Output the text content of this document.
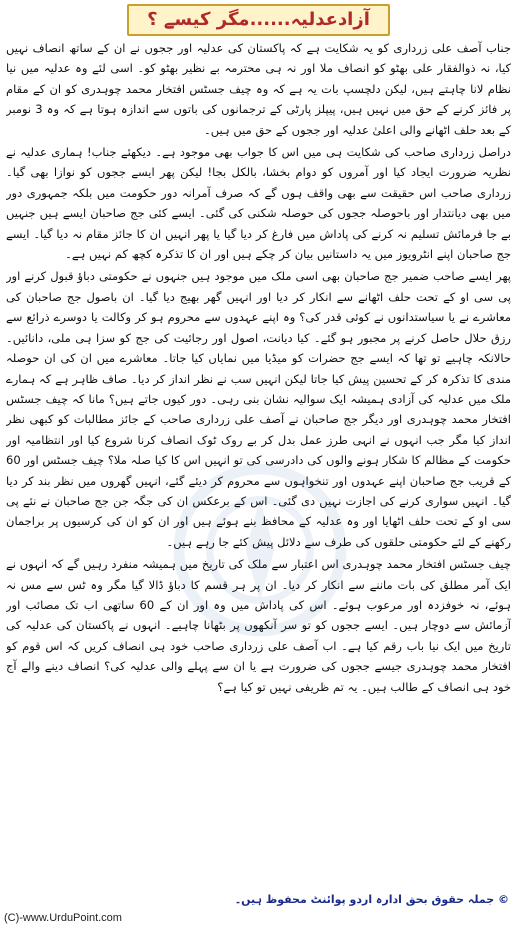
آزادعدلیہ......مگر کیسے ؟

جناب آصف علی زرداری کو یہ شکایت ہے کہ پاکستان کی عدلیہ اور ججوں نے ان کے ساتھ انصاف نہیں کیا، نہ ذوالفقار علی بھٹو کو انصاف ملا اور نہ ہی محترمہ بے نظیر بھٹو کو۔ اسی لئے وہ عدلیہ میں نیا نظام لانا چاہتے ہیں، لیکن دلچسپ بات یہ ہے کہ وہ چیف جسٹس افتخار محمد چوہدری کو ان کے مقام پر فائز کرنے کے حق میں نہیں ہیں، پیپلز پارٹی کے ترجمانوں کی باتوں سے اندازہ ہوتا ہے کہ وہ 3 نومبر کے بعد حلف اٹھانے والی اعلیٰ عدلیہ اور ججوں کے حق میں ہیں۔

دراصل زرداری صاحب کی شکایت ہی میں اس کا جواب بھی موجود ہے۔ دیکھئے جناب! ہماری عدلیہ نے نظریہ ضرورت ایجاد کیا اور آمروں کو دوام بخشا، بالکل بجا! لیکن پھر ایسے ججوں کو نوازا بھی گیا۔ زرداری صاحب اس حقیقت سے بھی واقف ہوں گے کہ صرف آمرانہ دور حکومت میں بلکہ جمہوری دور میں بھی دیانتدار اور باحوصلہ ججوں کی حوصلہ شکنی کی گئی۔ ایسے کئی جج صاحبان ایسے ہیں جنہیں بے جا فرمائش تسلیم نہ کرنے کی پاداش میں فارغ کر دیا گیا یا پھر انہیں ان کا جائز مقام نہ دیا گیا۔ ایسے جج صاحبان اپنے انٹرویوز میں یہ داستانیں بیان کر چکے ہیں اور ان کا تذکرہ کچھ کم نہیں ہے۔

پھر ایسے صاحب ضمیر جج صاحبان بھی اسی ملک میں موجود ہیں جنہوں نے حکومتی دباؤ قبول کرنے اور پی سی او کے تحت حلف اٹھانے سے انکار کر دیا اور انہیں گھر بھیج دیا گیا۔ ان باصول جج صاحبان کی معاشرے نے یا سیاستدانوں نے کوئی قدر کی؟ وہ اپنے عہدوں سے محروم ہو کر وکالت یا دوسرے ذرائع سے رزق حلال حاصل کرنے پر مجبور ہو گئے۔ کیا دیانت، اصول اور رجائیت کی جج کو سزا ہی ملی، دانائیں۔ حالانکہ چاہیے تو تھا کہ ایسے جج حضرات کو میڈیا میں نمایاں کیا جاتا۔ معاشرے میں ان کی ان حوصلہ مندی کا تذکرہ کر کے تحسین پیش کیا جاتا لیکن انہیں سب نے نظر انداز کر دیا۔ صاف ظاہر ہے کہ ہمارے ملک میں عدلیہ کی آزادی ہمیشہ ایک سوالیہ نشان بنی رہی۔ دور کیوں جاتے ہیں؟ مانا کہ چیف جسٹس افتخار محمد چوہدری اور دیگر جج صاحبان نے آصف علی زرداری صاحب کے جائز مطالبات کو کبھی نظر انداز کیا مگر جب انہوں نے انہی طرز عمل بدل کر بے روک ٹوک انصاف کرنا شروع کیا اور انتظامیہ اور حکومت کے مظالم کا شکار ہونے والوں کی دادرسی کی تو انہیں اس کا کیا صلہ ملا؟ چیف جسٹس اور 60 کے قریب جج صاحبان اپنے عہدوں اور تنخواہوں سے محروم کر دیئے گئے، انہیں گھروں میں نظر بند کر دیا گیا۔ انہیں سواری کرنے کی اجازت نہیں دی گئی۔ اس کے برعکس ان کی جگہ جن جج صاحبان نے نئے پی سی او کے تحت حلف اٹھایا اور وہ عدلیہ کے محافظ بنے ہوئے ہیں اور ان کو ان کی کرسیوں پر براجمان رکھنے کے لئے حکومتی حلقوں کی طرف سے دلائل پیش کئے جا رہے ہیں۔

چیف جسٹس افتخار محمد چوہدری اس اعتبار سے ملک کی تاریخ میں ہمیشہ منفرد رہیں گے کہ انہوں نے ایک آمر مطلق کی بات ماننے سے انکار کر دیا۔ ان پر ہر قسم کا دباؤ ڈالا گیا مگر وہ ٹس سے مس نہ ہوئے، نہ خوفزدہ اور مرعوب ہوئے۔ اس کی پاداش میں وہ اور ان کے 60 ساتھی اب تک مصائب اور آزمائش سے دوچار ہیں۔ ایسے ججوں کو تو سر آنکھوں پر بٹھانا چاہیے۔ انہوں نے پاکستان کی عدلیہ کی تاریخ میں ایک نیا باب رقم کیا ہے۔ اب آصف علی زرداری صاحب خود ہی انصاف کریں کہ اس قوم کو افتخار محمد چوہدری جیسے ججوں کی ضرورت ہے یا ان سے پہلے والی عدلیہ کی؟ انصاف دینے والے آج خود ہی انصاف کے طالب ہیں۔ یہ تم ظریفی نہیں تو کیا ہے؟

© جملہ حقوق بحق ادارہ اردو پوائنٹ محفوظ ہیں۔
(C)-www.UrduPoint.com
